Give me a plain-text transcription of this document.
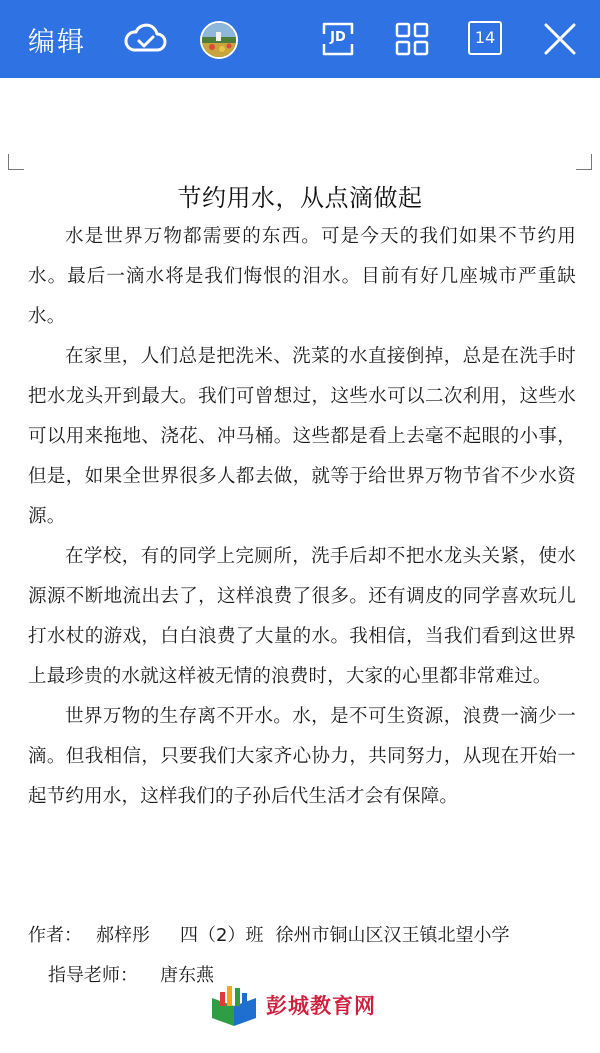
编辑	JD	14
节约用水，从点滴做起

水是世界万物都需要的东西。可是今天的我们如果不节约用水。最后一滴水将是我们悔恨的泪水。目前有好几座城市严重缺水。

在家里，人们总是把洗米、洗菜的水直接倒掉，总是在洗手时把水龙头开到最大。我们可曾想过，这些水可以二次利用，这些水可以用来拖地、浇花、冲马桶。这些都是看上去毫不起眼的小事，但是，如果全世界很多人都去做，就等于给世界万物节省不少水资源。

在学校，有的同学上完厕所，洗手后却不把水龙头关紧，使水源源不断地流出去了，这样浪费了很多。还有调皮的同学喜欢玩儿打水杖的游戏，白白浪费了大量的水。我相信，当我们看到这世界上最珍贵的水就这样被无情的浪费时，大家的心里都非常难过。

世界万物的生存离不开水。水，是不可生资源，浪费一滴少一滴。但我相信，只要我们大家齐心协力，共同努力，从现在开始一起节约用水，这样我们的子孙后代生活才会有保障。

作者： 郝梓彤 四（2）班 徐州市铜山区汉王镇北望小学
指导老师： 唐东燕
彭城教育网
